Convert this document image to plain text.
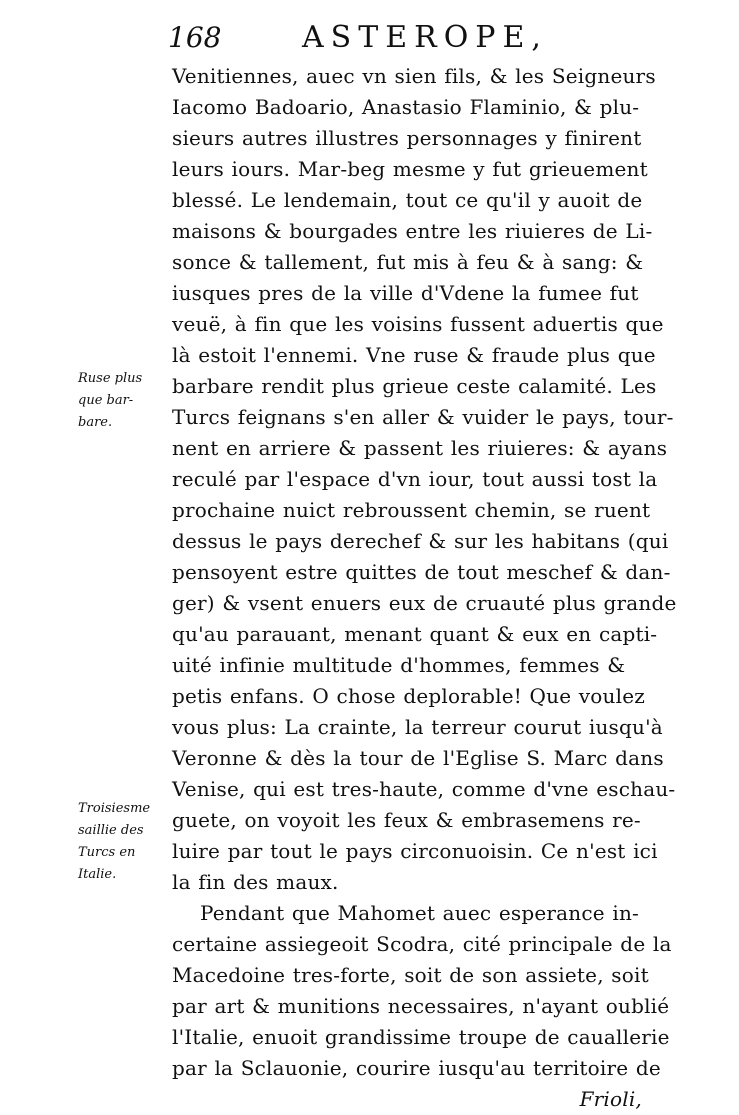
168	ASTEROPE,
Venitiennes, auec vn sien fils, & les Seigneurs
Iacomo Badoario, Anastasio Flaminio, & plu-
sieurs autres illustres personnages y finirent
leurs iours. Mar-beg mesme y fut grieuement
blessé. Le lendemain, tout ce qu'il y auoit de
maisons & bourgades entre les riuieres de Li-
sonce & tallement, fut mis à feu & à sang: &
iusques pres de la ville d'Vdene la fumee fut
veuë, à fin que les voisins fussent aduertis que
là estoit l'ennemi. Vne ruse & fraude plus que
barbare rendit plus grieue ceste calamité. Les
Turcs feignans s'en aller & vuider le pays, tour-
nent en arriere & passent les riuieres: & ayans
reculé par l'espace d'vn iour, tout aussi tost la
prochaine nuict rebroussent chemin, se ruent
dessus le pays derechef & sur les habitans (qui
pensoyent estre quittes de tout meschef & dan-
ger) & vsent enuers eux de cruauté plus grande
qu'au parauant, menant quant & eux en capti-
uité infinie multitude d'hommes, femmes &
petis enfans. O chose deplorable! Que voulez
vous plus: La crainte, la terreur courut iusqu'à
Veronne & dès la tour de l'Eglise S. Marc dans
Venise, qui est tres-haute, comme d'vne eschau-
guete, on voyoit les feux & embrasemens re-
luire par tout le pays circonuoisin. Ce n'est ici
la fin des maux.
Pendant que Mahomet auec esperance in-
certaine assiegeoit Scodra, cité principale de la
Macedoine tres-forte, soit de son assiete, soit
par art & munitions necessaires, n'ayant oublié
l'Italie, enuoit grandissime troupe de cauallerie
par la Sclauonie, courire iusqu'au territoire de
Frioli,
Ruse plus
que bar-
bare.
Troisiesme
saillie des
Turcs en
Italie.
